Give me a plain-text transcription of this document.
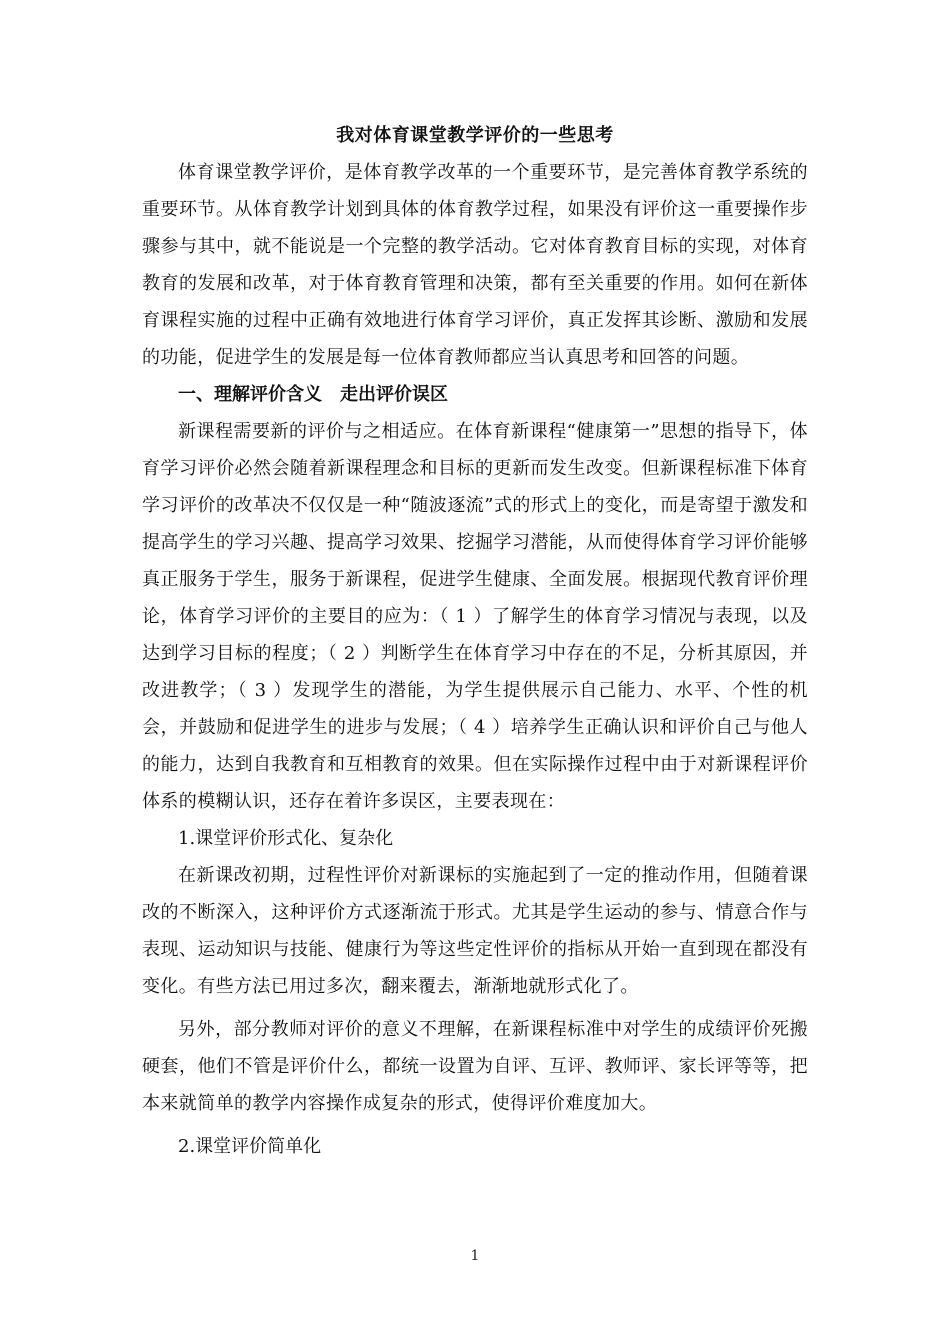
我对体育课堂教学评价的一些思考

体育课堂教学评价，是体育教学改革的一个重要环节，是完善体育教学系统的重要环节。从体育教学计划到具体的体育教学过程，如果没有评价这一重要操作步骤参与其中，就不能说是一个完整的教学活动。它对体育教育目标的实现，对体育教育的发展和改革，对于体育教育管理和决策，都有至关重要的作用。如何在新体育课程实施的过程中正确有效地进行体育学习评价，真正发挥其诊断、激励和发展的功能，促进学生的发展是每一位体育教师都应当认真思考和回答的问题。

一、理解评价含义　走出评价误区

新课程需要新的评价与之相适应。在体育新课程“健康第一”思想的指导下，体育学习评价必然会随着新课程理念和目标的更新而发生改变。但新课程标准下体育学习评价的改革决不仅仅是一种“随波逐流”式的形式上的变化，而是寄望于激发和提高学生的学习兴趣、提高学习效果、挖掘学习潜能，从而使得体育学习评价能够真正服务于学生，服务于新课程，促进学生健康、全面发展。根据现代教育评价理论，体育学习评价的主要目的应为：（ 1 ）了解学生的体育学习情况与表现，以及达到学习目标的程度；（ 2 ）判断学生在体育学习中存在的不足，分析其原因，并改进教学；（ 3 ）发现学生的潜能，为学生提供展示自己能力、水平、个性的机会，并鼓励和促进学生的进步与发展；（ 4 ）培养学生正确认识和评价自己与他人的能力，达到自我教育和互相教育的效果。但在实际操作过程中由于对新课程评价体系的模糊认识，还存在着许多误区，主要表现在：

1.课堂评价形式化、复杂化

在新课改初期，过程性评价对新课标的实施起到了一定的推动作用，但随着课改的不断深入，这种评价方式逐渐流于形式。尤其是学生运动的参与、情意合作与表现、运动知识与技能、健康行为等这些定性评价的指标从开始一直到现在都没有变化。有些方法已用过多次，翻来覆去，渐渐地就形式化了。

另外，部分教师对评价的意义不理解，在新课程标准中对学生的成绩评价死搬硬套，他们不管是评价什么，都统一设置为自评、互评、教师评、家长评等等，把本来就简单的教学内容操作成复杂的形式，使得评价难度加大。

2.课堂评价简单化

1
